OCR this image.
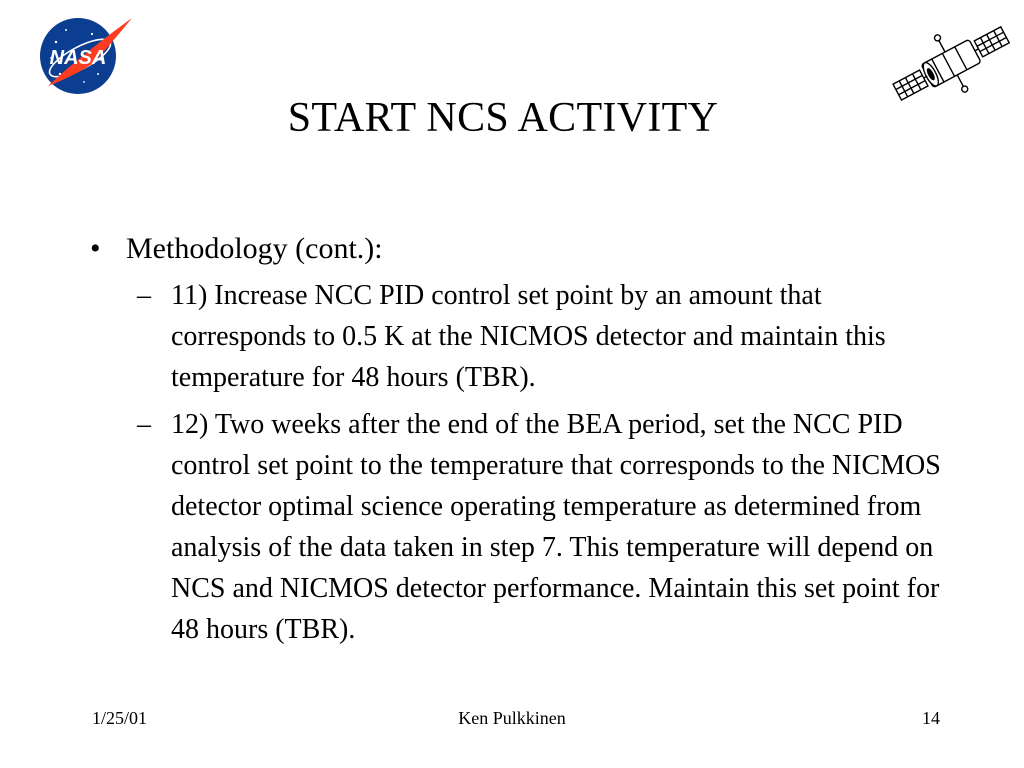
NASA
START NCS ACTIVITY
• Methodology (cont.):
– 11) Increase NCC PID control set point by an amount that corresponds to 0.5 K at the NICMOS detector and maintain this temperature for 48 hours (TBR).
– 12) Two weeks after the end of the BEA period, set the NCC PID control set point to the temperature that corresponds to the NICMOS detector optimal science operating temperature as determined from analysis of the data taken in step 7. This temperature will depend on NCS and NICMOS detector performance. Maintain this set point for 48 hours (TBR).
1/25/01	Ken Pulkkinen	14
